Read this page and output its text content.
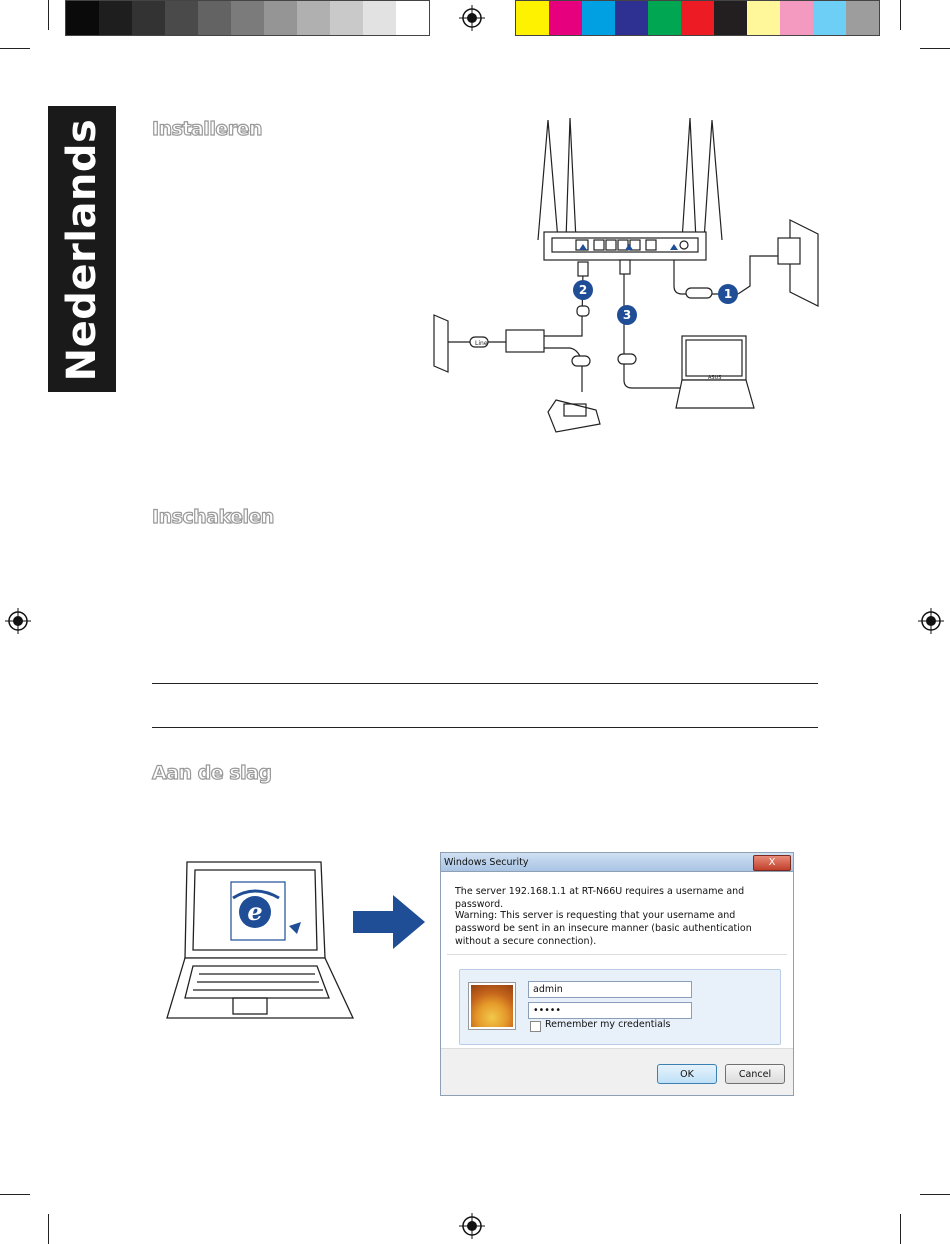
Nederlands Installeren
Inschakelen
Aan de slag
Line
ASUS
1
2
3
e
Windows Security	X

The server 192.168.1.1 at RT-N66U requires a username and password.

Warning: This server is requesting that your username and password be sent in an insecure manner (basic authentication without a secure connection).

admin
•••••
Remember my credentials
OK	Cancel
